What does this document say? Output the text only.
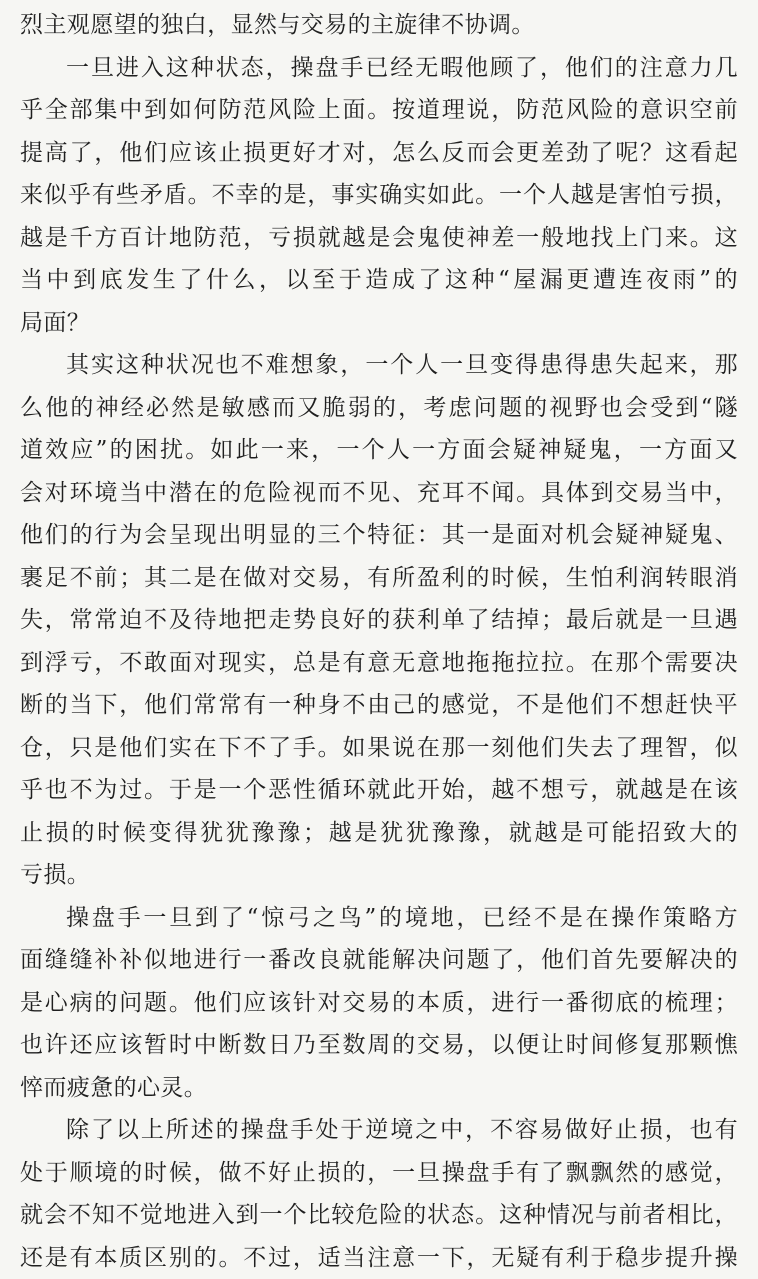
烈主观愿望的独白，显然与交易的主旋律不协调。
一旦进入这种状态，操盘手已经无暇他顾了，他们的注意力几
乎全部集中到如何防范风险上面。按道理说，防范风险的意识空前
提高了，他们应该止损更好才对，怎么反而会更差劲了呢？这看起
来似乎有些矛盾。不幸的是，事实确实如此。一个人越是害怕亏损，
越是千方百计地防范，亏损就越是会鬼使神差一般地找上门来。这
当中到底发生了什么，以至于造成了这种“屋漏更遭连夜雨”的
局面？
其实这种状况也不难想象，一个人一旦变得患得患失起来，那
么他的神经必然是敏感而又脆弱的，考虑问题的视野也会受到“隧
道效应”的困扰。如此一来，一个人一方面会疑神疑鬼，一方面又
会对环境当中潜在的危险视而不见、充耳不闻。具体到交易当中，
他们的行为会呈现出明显的三个特征：其一是面对机会疑神疑鬼、
裹足不前；其二是在做对交易，有所盈利的时候，生怕利润转眼消
失，常常迫不及待地把走势良好的获利单了结掉；最后就是一旦遇
到浮亏，不敢面对现实，总是有意无意地拖拖拉拉。在那个需要决
断的当下，他们常常有一种身不由己的感觉，不是他们不想赶快平
仓，只是他们实在下不了手。如果说在那一刻他们失去了理智，似
乎也不为过。于是一个恶性循环就此开始，越不想亏，就越是在该
止损的时候变得犹犹豫豫；越是犹犹豫豫，就越是可能招致大的
亏损。
操盘手一旦到了“惊弓之鸟”的境地，已经不是在操作策略方
面缝缝补补似地进行一番改良就能解决问题了，他们首先要解决的
是心病的问题。他们应该针对交易的本质，进行一番彻底的梳理；
也许还应该暂时中断数日乃至数周的交易，以便让时间修复那颗憔
悴而疲惫的心灵。
除了以上所述的操盘手处于逆境之中，不容易做好止损，也有
处于顺境的时候，做不好止损的，一旦操盘手有了飘飘然的感觉，
就会不知不觉地进入到一个比较危险的状态。这种情况与前者相比，
还是有本质区别的。不过，适当注意一下，无疑有利于稳步提升操
